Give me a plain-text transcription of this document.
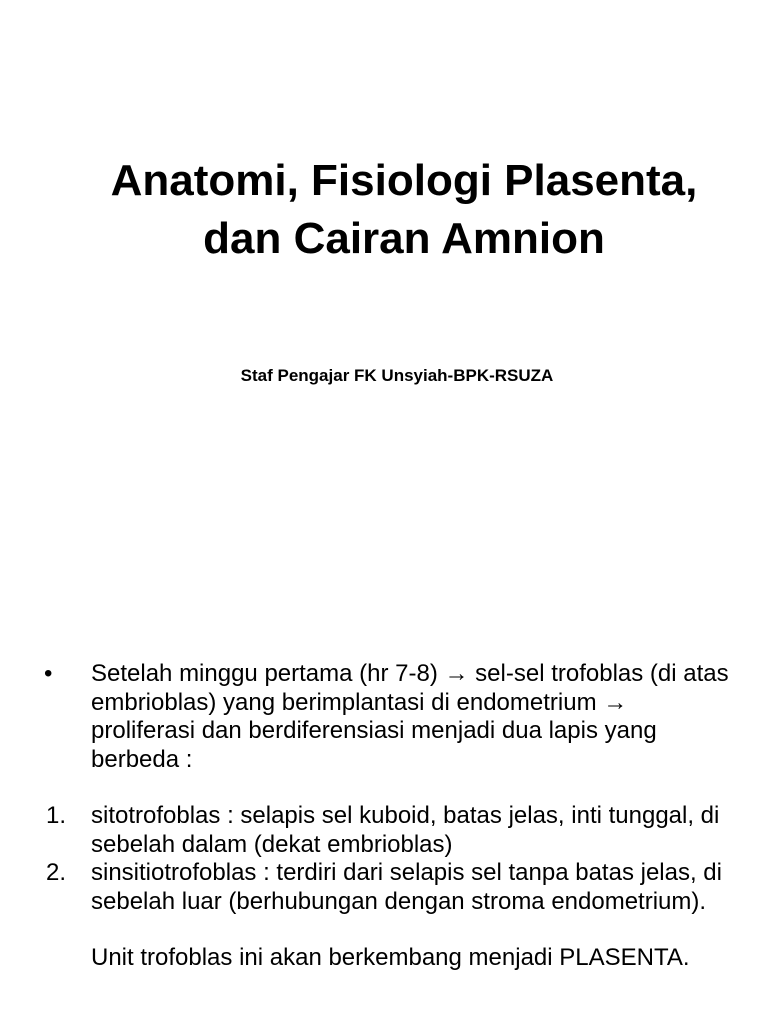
Anatomi, Fisiologi Plasenta,
dan Cairan Amnion

Staf Pengajar FK Unsyiah-BPK-RSUZA

•	Setelah minggu pertama (hr 7-8) → sel-sel trofoblas (di atas embrioblas) yang berimplantasi di endometrium → proliferasi dan berdiferensiasi menjadi dua lapis yang berbeda :
1.	sitotrofoblas : selapis sel kuboid, batas jelas, inti tunggal, di sebelah dalam (dekat embrioblas)
2.	sinsitiotrofoblas : terdiri dari selapis sel tanpa batas jelas, di sebelah luar (berhubungan dengan stroma endometrium).
Unit trofoblas ini akan berkembang menjadi PLASENTA.
